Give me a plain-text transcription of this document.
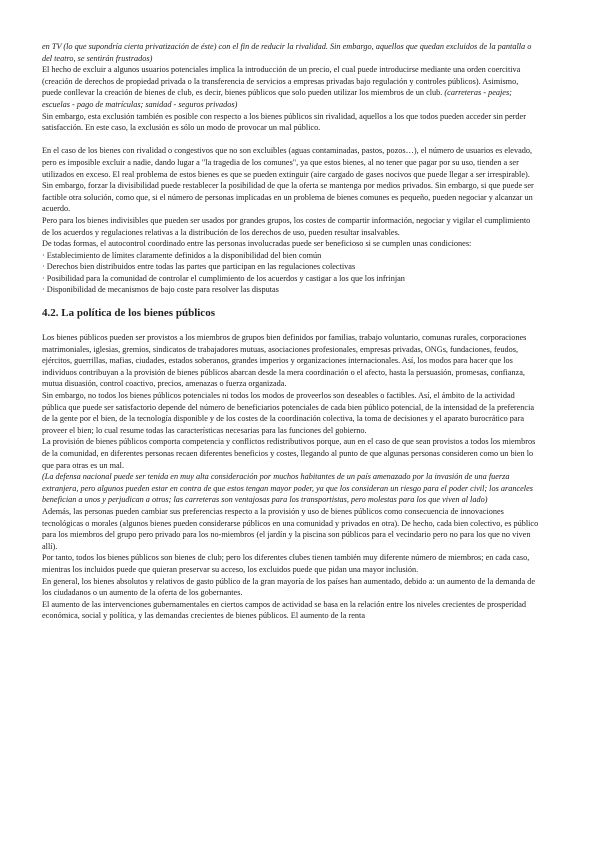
en TV (lo que supondría cierta privatización de éste) con el fin de reducir la rivalidad. Sin embargo, aquellos que quedan excluidos de la pantalla o del teatro, se sentirán frustrados)

El hecho de excluir a algunos usuarios potenciales implica la introducción de un precio, el cual puede introducirse mediante una orden coercitiva (creación de derechos de propiedad privada o la transferencia de servicios a empresas privadas bajo regulación y controles públicos). Asimismo, puede conllevar la creación de bienes de club, es decir, bienes públicos que solo pueden utilizar los miembros de un club. (carreteras - peajes; escuelas - pago de matrículas; sanidad - seguros privados)

Sin embargo, esta exclusión también es posible con respecto a los bienes públicos sin rivalidad, aquellos a los que todos pueden acceder sin perder satisfacción. En este caso, la exclusión es sólo un modo de provocar un mal público.

En el caso de los bienes con rivalidad o congestivos que no son excluibles (aguas contaminadas, pastos, pozos…), el número de usuarios es elevado, pero es imposible excluir a nadie, dando lugar a "la tragedia de los comunes", ya que estos bienes, al no tener que pagar por su uso, tienden a ser utilizados en exceso. El real problema de estos bienes es que se pueden extinguir (aire cargado de gases nocivos que puede llegar a ser irrespirable). Sin embargo, forzar la divisibilidad puede restablecer la posibilidad de que la oferta se mantenga por medios privados. Sin embargo, si que puede ser factible otra solución, como que, si el número de personas implicadas en un problema de bienes comunes es pequeño, pueden negociar y alcanzar un acuerdo.

Pero para los bienes indivisibles que pueden ser usados por grandes grupos, los costes de compartir información, negociar y vigilar el cumplimiento de los acuerdos y regulaciones relativas a la distribución de los derechos de uso, pueden resultar insalvables.

De todas formas, el autocontrol coordinado entre las personas involucradas puede ser beneficioso si se cumplen unas condiciones:

· Establecimiento de límites claramente definidos a la disponibilidad del bien común

· Derechos bien distribuidos entre todas las partes que participan en las regulaciones colectivas

· Posibilidad para la comunidad de controlar el cumplimiento de los acuerdos y castigar a los que los infrinjan

· Disponibilidad de mecanismos de bajo coste para resolver las disputas

4.2. La política de los bienes públicos

Los bienes públicos pueden ser provistos a los miembros de grupos bien definidos por familias, trabajo voluntario, comunas rurales, corporaciones matrimoniales, iglesias, gremios, sindicatos de trabajadores mutuas, asociaciones profesionales, empresas privadas, ONGs, fundaciones, feudos, ejércitos, guerrillas, mafias, ciudades, estados soberanos, grandes imperios y organizaciones internacionales. Así, los modos para hacer que los individuos contribuyan a la provisión de bienes públicos abarcan desde la mera coordinación o el afecto, hasta la persuasión, promesas, confianza, mutua disuasión, control coactivo, precios, amenazas o fuerza organizada.

Sin embargo, no todos los bienes públicos potenciales ni todos los modos de proveerlos son deseables o factibles. Así, el ámbito de la actividad pública que puede ser satisfactorio depende del número de beneficiarios potenciales de cada bien público potencial, de la intensidad de la preferencia de la gente por el bien, de la tecnología disponible y de los costes de la coordinación colectiva, la toma de decisiones y el aparato burocrático para proveer el bien; lo cual resume todas las características necesarias para las funciones del gobierno.

La provisión de bienes públicos comporta competencia y conflictos redistributivos porque, aun en el caso de que sean provistos a todos los miembros de la comunidad, en diferentes personas recaen diferentes beneficios y costes, llegando al punto de que algunas personas consideren como un bien lo que para otras es un mal.

(La defensa nacional puede ser tenida en muy alta consideración por muchos habitantes de un país amenazado por la invasión de una fuerza extranjera, pero algunos pueden estar en contra de que estos tengan mayor poder, ya que los consideran un riesgo para el poder civil; los aranceles benefician a unos y perjudican a otros; las carreteras son ventajosas para los transportistas, pero molestas para los que viven al lado)

Además, las personas pueden cambiar sus preferencias respecto a la provisión y uso de bienes públicos como consecuencia de innovaciones tecnológicas o morales (algunos bienes pueden considerarse públicos en una comunidad y privados en otra). De hecho, cada bien colectivo, es público para los miembros del grupo pero privado para los no-miembros (el jardín y la piscina son públicos para el vecindario pero no para los que no viven allí).

Por tanto, todos los bienes públicos son bienes de club; pero los diferentes clubes tienen también muy diferente número de miembros; en cada caso, mientras los incluidos puede que quieran preservar su acceso, los excluidos puede que pidan una mayor inclusión.

En general, los bienes absolutos y relativos de gasto público de la gran mayoría de los países han aumentado, debido a: un aumento de la demanda de los ciudadanos o un aumento de la oferta de los gobernantes.

El aumento de las intervenciones gubernamentales en ciertos campos de actividad se basa en la relación entre los niveles crecientes de prosperidad económica, social y política, y las demandas crecientes de bienes públicos. El aumento de la renta
